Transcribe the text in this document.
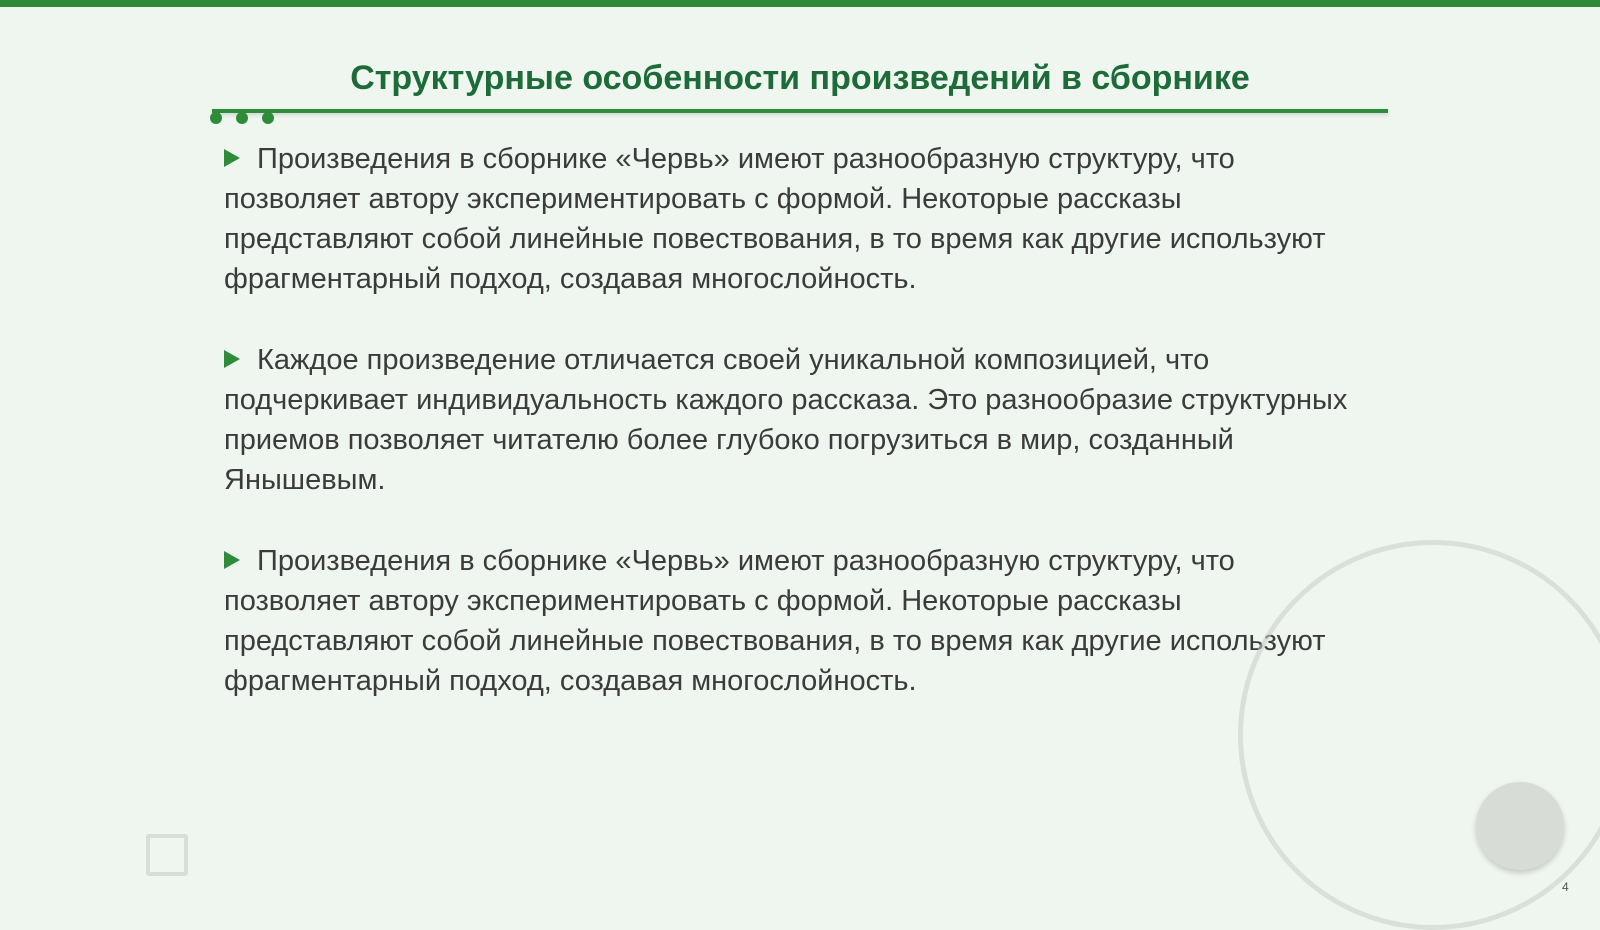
Структурные особенности произведений в сборнике

Произведения в сборнике «Червь» имеют разнообразную структуру, что позволяет автору экспериментировать с формой. Некоторые рассказы представляют собой линейные повествования, в то время как другие используют фрагментарный подход, создавая многослойность.

Каждое произведение отличается своей уникальной композицией, что подчеркивает индивидуальность каждого рассказа. Это разнообразие структурных приемов позволяет читателю более глубоко погрузиться в мир, созданный Янышевым.

Произведения в сборнике «Червь» имеют разнообразную структуру, что позволяет автору экспериментировать с формой. Некоторые рассказы представляют собой линейные повествования, в то время как другие используют фрагментарный подход, создавая многослойность.

4
